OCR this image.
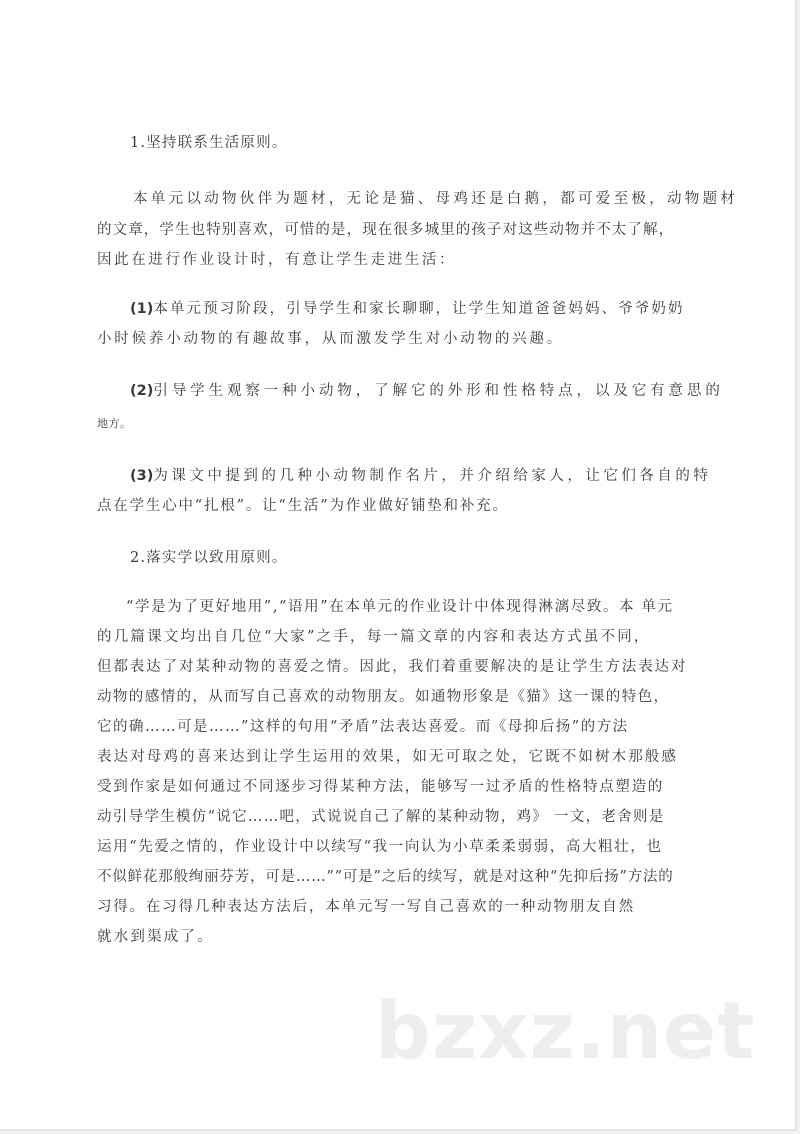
1.坚持联系生活原则。
本单元以动物伙伴为题材，无论是猫、母鸡还是白鹅，都可爱至极，动物题材
的文章，学生也特别喜欢，可惜的是，现在很多城里的孩子对这些动物并不太了解，
因此在进行作业设计时，有意让学生走进生活：
(1)本单元预习阶段，引导学生和家长聊聊，让学生知道爸爸妈妈、爷爷奶奶
小时候养小动物的有趣故事，从而激发学生对小动物的兴趣。
(2)引导学生观察一种小动物，了解它的外形和性格特点，以及它有意思的
地方。
(3)为课文中提到的几种小动物制作名片，并介绍给家人，让它们各自的特
点在学生心中“扎根”。让“生活”为作业做好铺垫和补充。
2.落实学以致用原则。
“学是为了更好地用”,“语用”在本单元的作业设计中体现得淋漓尽致。本 单元
的几篇课文均出自几位“大家”之手，每一篇文章的内容和表达方式虽不同，
但都表达了对某种动物的喜爱之情。因此，我们着重要解决的是让学生方法表达对
动物的感情的，从而写自己喜欢的动物朋友。如通物形象是《猫》这一课的特色，
它的确……可是……”这样的句用“矛盾”法表达喜爱。而《母抑后扬”的方法
表达对母鸡的喜来达到让学生运用的效果，如无可取之处，它既不如树木那般感
受到作家是如何通过不同逐步习得某种方法，能够写一过矛盾的性格特点塑造的
动引导学生模仿“说它……吧，式说说自己了解的某种动物，鸡》 一文，老舍则是
运用“先爱之情的，作业设计中以续写“我一向认为小草柔柔弱弱，高大粗壮，也
不似鲜花那般绚丽芬芳，可是……””可是”之后的续写，就是对这种“先抑后扬”方法的
习得。在习得几种表达方法后，本单元写一写自己喜欢的一种动物朋友自然
就水到渠成了。
bzxz.net
